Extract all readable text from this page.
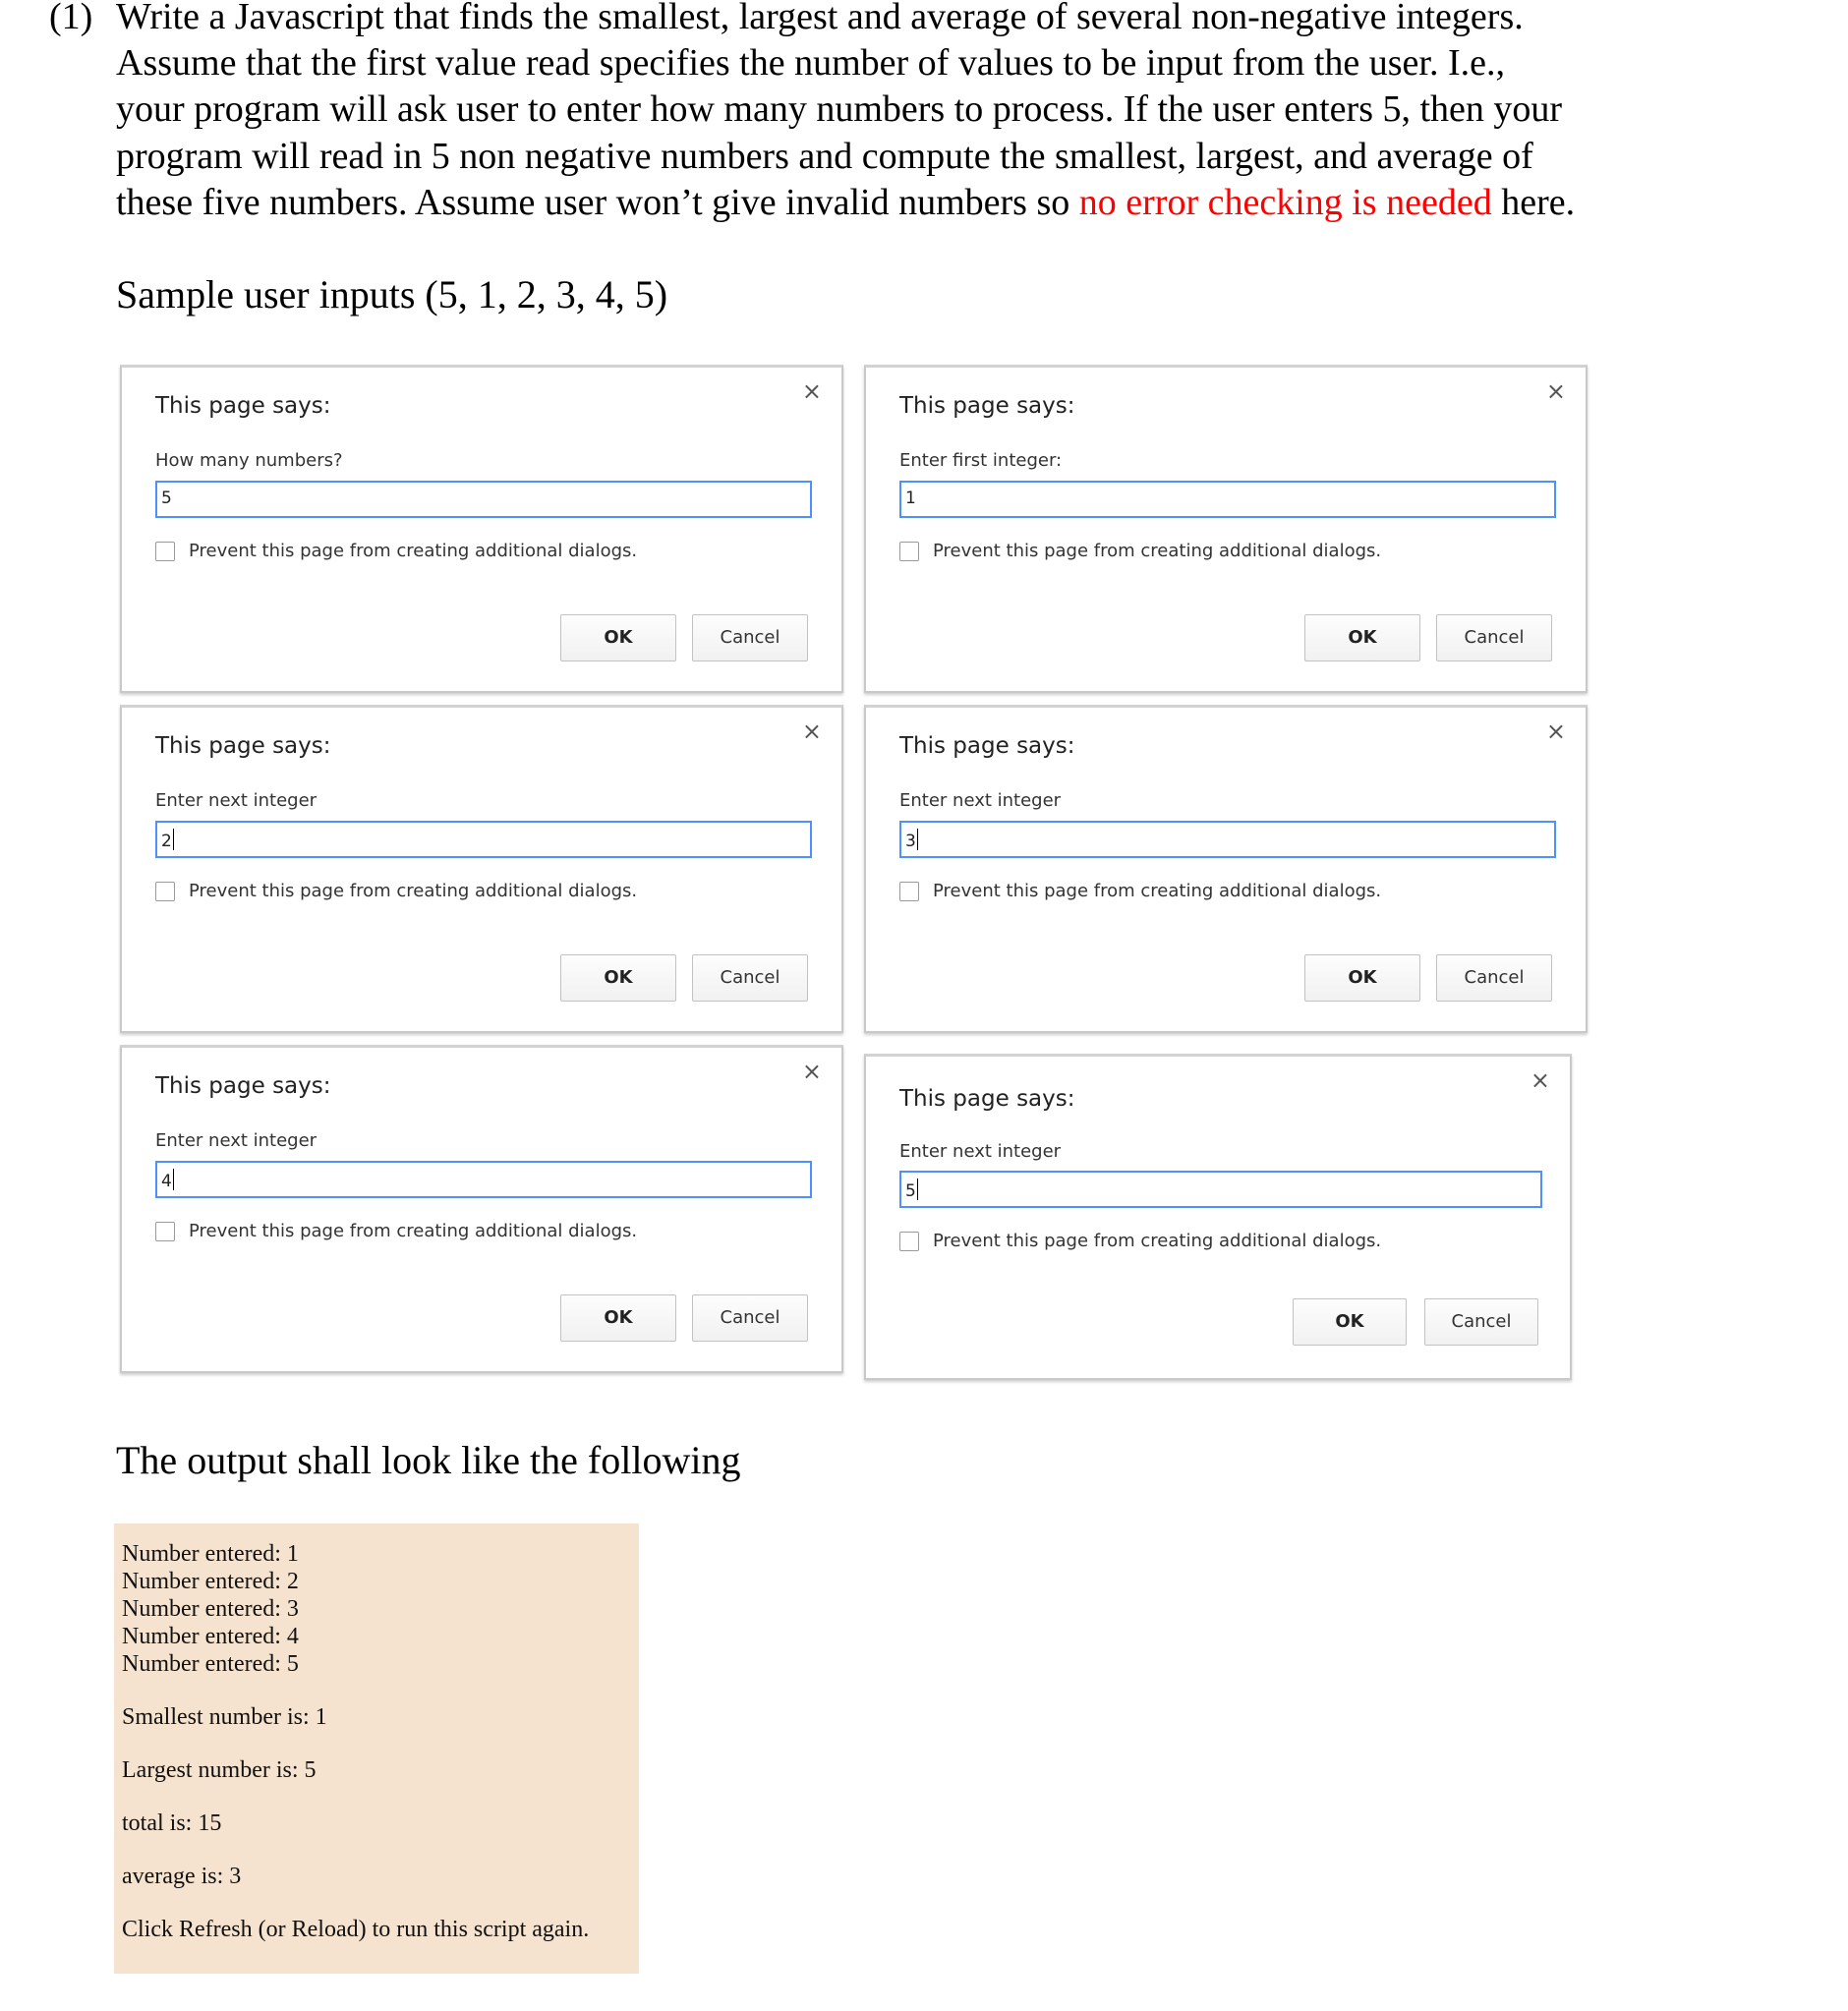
(1) Write a Javascript that finds the smallest, largest and average of several non-negative integers.
Assume that the first value read specifies the number of values to be input from the user. I.e.,
your program will ask user to enter how many numbers to process. If the user enters 5, then your
program will read in 5 non negative numbers and compute the smallest, largest, and average of
these five numbers. Assume user won’t give invalid numbers so no error checking is needed here.
Sample user inputs (5, 1, 2, 3, 4, 5)
This page says:
×
How many numbers?
5
Prevent this page from creating additional dialogs.
OK	Cancel
This page says:
×
Enter first integer:
1
Prevent this page from creating additional dialogs.
OK	Cancel
This page says:
×
Enter next integer
2
Prevent this page from creating additional dialogs.
OK	Cancel
This page says:
×
Enter next integer
3
Prevent this page from creating additional dialogs.
OK	Cancel
This page says:
×
Enter next integer
4
Prevent this page from creating additional dialogs.
OK	Cancel
This page says:
×
Enter next integer
5
Prevent this page from creating additional dialogs.
OK	Cancel
The output shall look like the following
Number entered: 1
Number entered: 2
Number entered: 3
Number entered: 4
Number entered: 5
Smallest number is: 1
Largest number is: 5
total is: 15
average is: 3
Click Refresh (or Reload) to run this script again.
